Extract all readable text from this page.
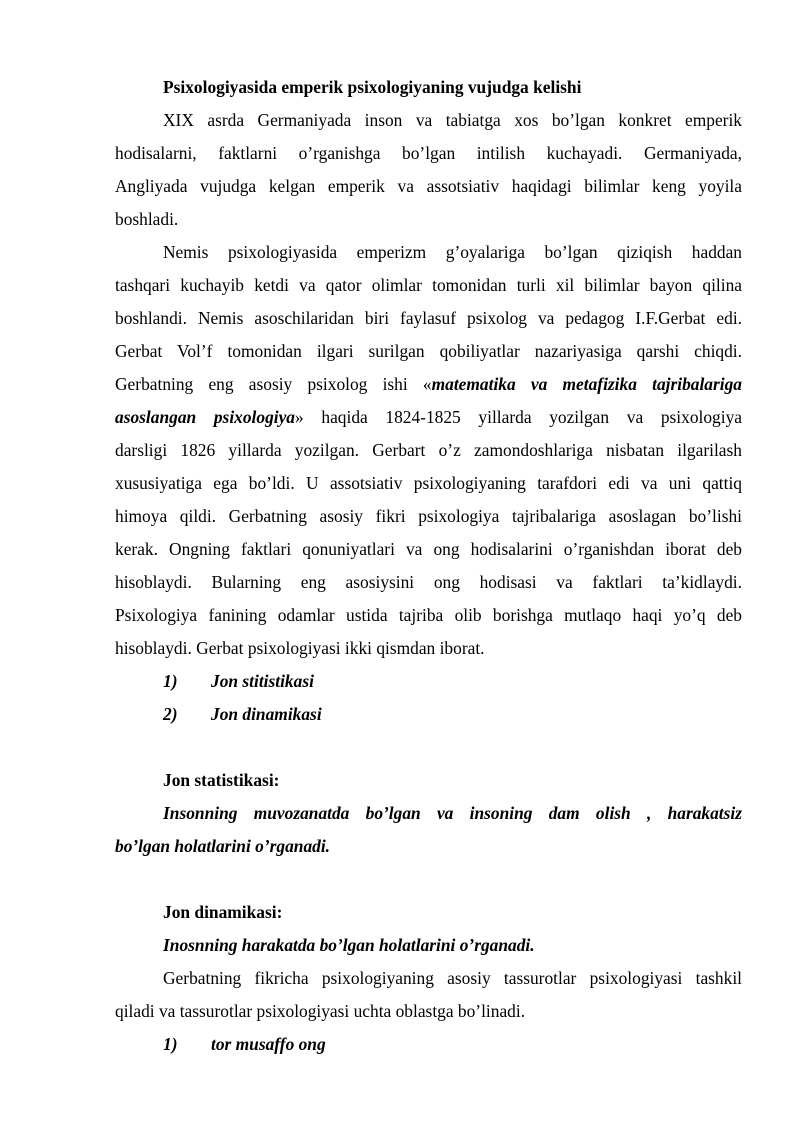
Psixologiyasida emperik psixologiyaning vujudga kelishi
XIX asrda Germaniyada inson va tabiatga xos bo’lgan konkret emperik
hodisalarni, faktlarni o’rganishga bo’lgan intilish kuchayadi. Germaniyada,
Angliyada vujudga kelgan emperik va assotsiativ haqidagi bilimlar keng yoyila
boshladi.
Nemis psixologiyasida emperizm g’oyalariga bo’lgan qiziqish haddan
tashqari kuchayib ketdi va qator olimlar tomonidan turli xil bilimlar bayon qilina
boshlandi. Nemis asoschilaridan biri faylasuf psixolog va pedagog I.F.Gerbat edi.
Gerbat Vol’f tomonidan ilgari surilgan qobiliyatlar nazariyasiga qarshi chiqdi.
Gerbatning eng asosiy psixolog ishi «matematika va metafizika tajribalariga
asoslangan psixologiya» haqida 1824-1825 yillarda yozilgan va psixologiya
darsligi 1826 yillarda yozilgan. Gerbart o’z zamondoshlariga nisbatan ilgarilash
xususiyatiga ega bo’ldi. U assotsiativ psixologiyaning tarafdori edi va uni qattiq
himoya qildi. Gerbatning asosiy fikri psixologiya tajribalariga asoslagan bo’lishi
kerak. Ongning faktlari qonuniyatlari va ong hodisalarini o’rganishdan iborat deb
hisoblaydi. Bularning eng asosiysini ong hodisasi va faktlari ta’kidlaydi.
Psixologiya fanining odamlar ustida tajriba olib borishga mutlaqo haqi yo’q deb
hisoblaydi. Gerbat psixologiyasi ikki qismdan iborat.
1) Jon stitistikasi
2) Jon dinamikasi
Jon statistikasi:
Insonning muvozanatda bo’lgan va insoning dam olish , harakatsiz
bo’lgan holatlarini o’rganadi.
Jon dinamikasi:
Inosnning harakatda bo’lgan holatlarini o’rganadi.
Gerbatning fikricha psixologiyaning asosiy tassurotlar psixologiyasi tashkil
qiladi va tassurotlar psixologiyasi uchta oblastga bo’linadi.
1) tor musaffo ong
